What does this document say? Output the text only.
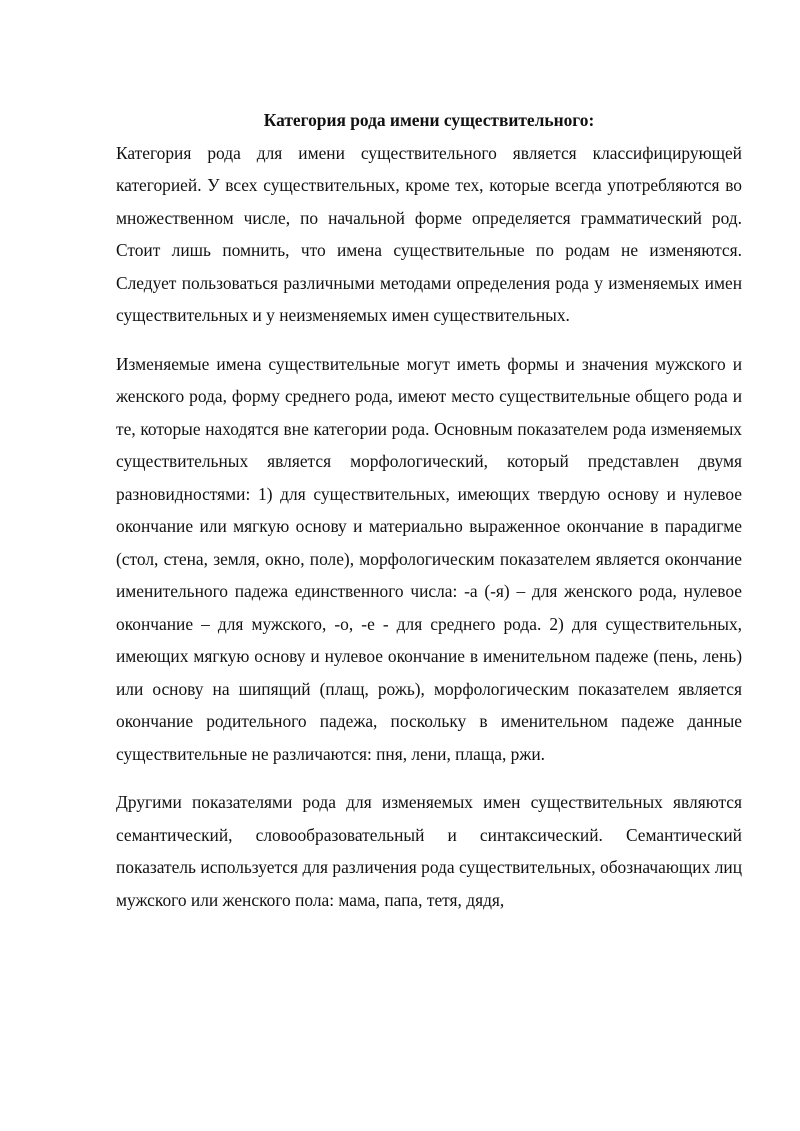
Категория рода имени существительного:

Категория рода для имени существительного является классифицирующей категорией. У всех существительных, кроме тех, которые всегда употребляются во множественном числе, по начальной форме определяется грамматический род. Стоит лишь помнить, что имена существительные по родам не изменяются. Следует пользоваться различными методами определения рода у изменяемых имен существительных и у неизменяемых имен существительных.

Изменяемые имена существительные могут иметь формы и значения мужского и женского рода, форму среднего рода, имеют место существительные общего рода и те, которые находятся вне категории рода. Основным показателем рода изменяемых существительных является морфологический, который представлен двумя разновидностями: 1) для существительных, имеющих твердую основу и нулевое окончание или мягкую основу и материально выраженное окончание в парадигме (стол, стена, земля, окно, поле), морфологическим показателем является окончание именительного падежа единственного числа: -а (-я) – для женского рода, нулевое окончание – для мужского, -о, -е - для среднего рода. 2) для существительных, имеющих мягкую основу и нулевое окончание в именительном падеже (пень, лень) или основу на шипящий (плащ, рожь), морфологическим показателем является окончание родительного падежа, поскольку в именительном падеже данные существительные не различаются: пня, лени, плаща, ржи.

Другими показателями рода для изменяемых имен существительных являются семантический, словообразовательный и синтаксический. Семантический показатель используется для различения рода существительных, обозначающих лиц мужского или женского пола: мама, папа, тетя, дядя,
